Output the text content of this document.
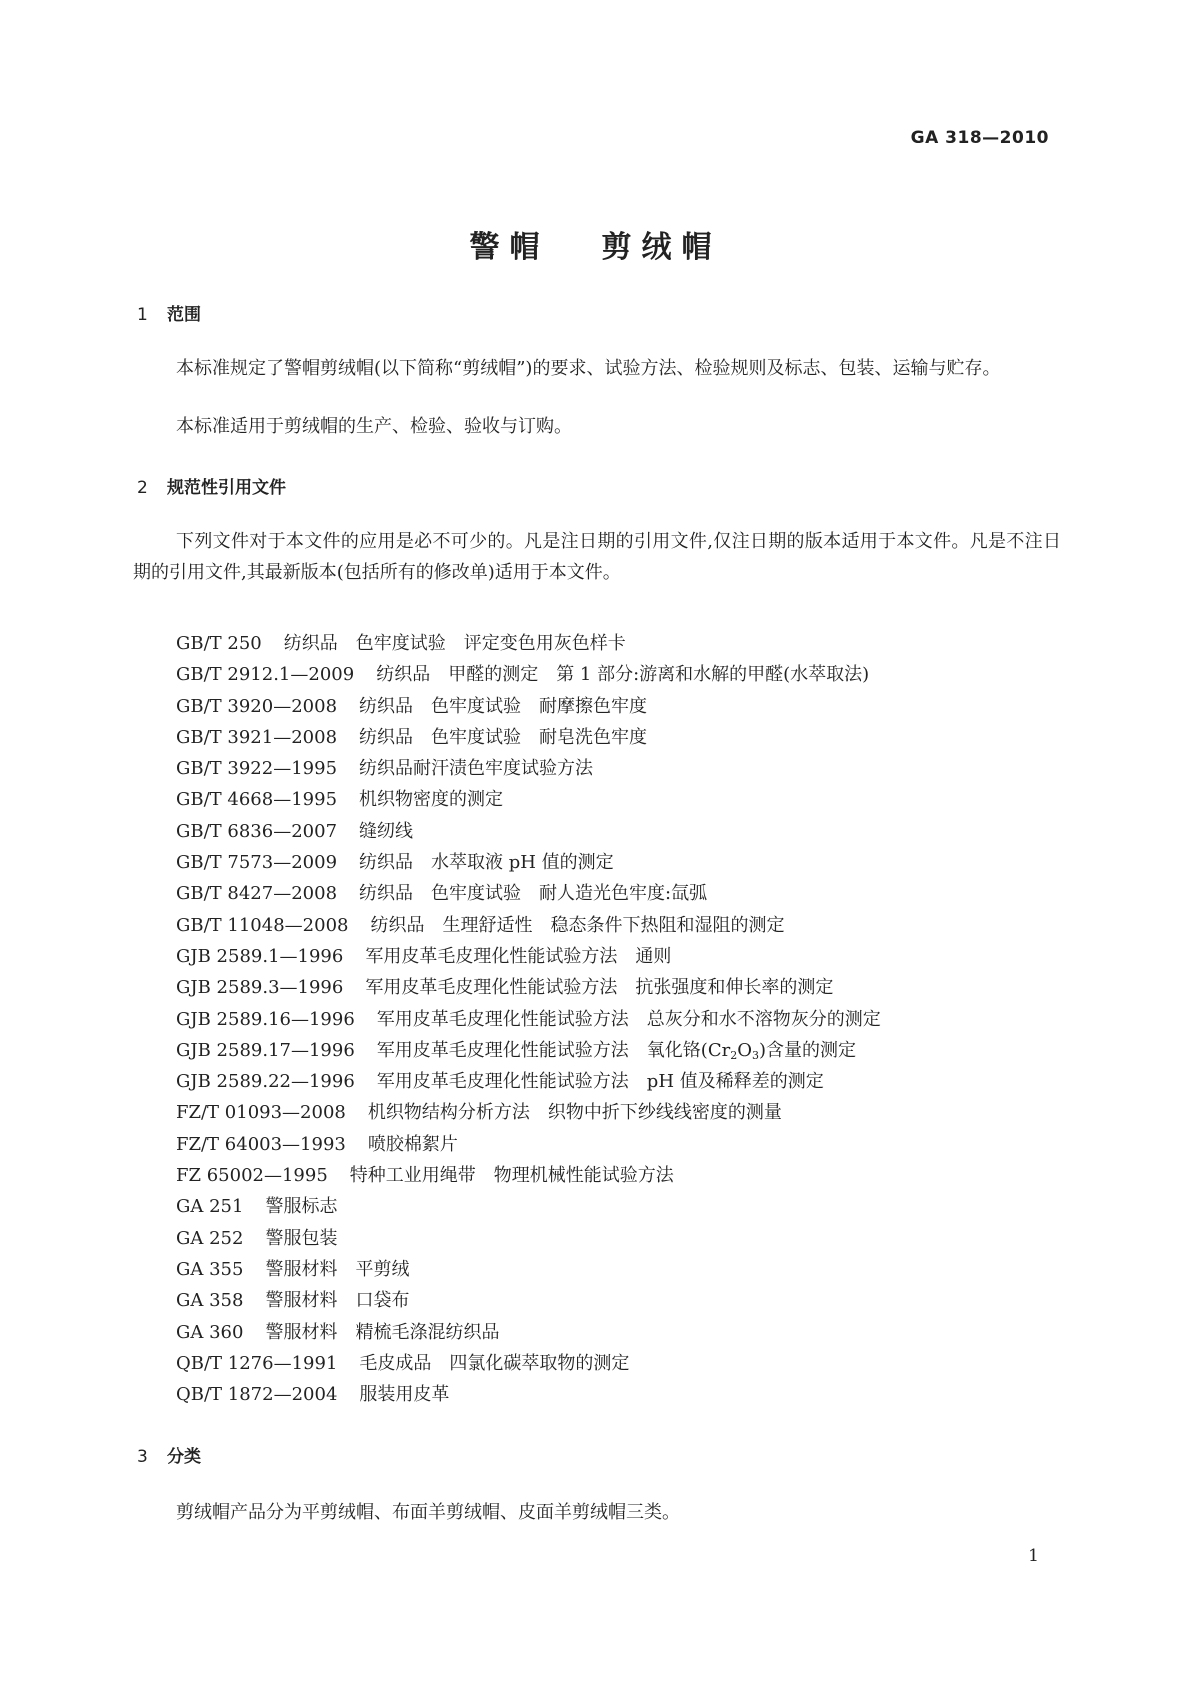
GA 318—2010
警帽 剪绒帽
1 范围
本标准规定了警帽剪绒帽(以下简称“剪绒帽”)的要求、试验方法、检验规则及标志、包装、运输与贮存。
本标准适用于剪绒帽的生产、检验、验收与订购。
2 规范性引用文件
下列文件对于本文件的应用是必不可少的。凡是注日期的引用文件,仅注日期的版本适用于本文件。凡是不注日期的引用文件,其最新版本(包括所有的修改单)适用于本文件。
GB/T 250 纺织品　色牢度试验　评定变色用灰色样卡
GB/T 2912.1—2009 纺织品　甲醛的测定　第 1 部分:游离和水解的甲醛(水萃取法)
GB/T 3920—2008 纺织品　色牢度试验　耐摩擦色牢度
GB/T 3921—2008 纺织品　色牢度试验　耐皂洗色牢度
GB/T 3922—1995 纺织品耐汗渍色牢度试验方法
GB/T 4668—1995 机织物密度的测定
GB/T 6836—2007 缝纫线
GB/T 7573—2009 纺织品　水萃取液 pH 值的测定
GB/T 8427—2008 纺织品　色牢度试验　耐人造光色牢度:氙弧
GB/T 11048—2008 纺织品　生理舒适性　稳态条件下热阻和湿阻的测定
GJB 2589.1—1996 军用皮革毛皮理化性能试验方法　通则
GJB 2589.3—1996 军用皮革毛皮理化性能试验方法　抗张强度和伸长率的测定
GJB 2589.16—1996 军用皮革毛皮理化性能试验方法　总灰分和水不溶物灰分的测定
GJB 2589.17—1996 军用皮革毛皮理化性能试验方法　氧化铬$(Cr_2O_3)$含量的测定
GJB 2589.22—1996 军用皮革毛皮理化性能试验方法　pH 值及稀释差的测定
FZ/T 01093—2008 机织物结构分析方法　织物中折下纱线线密度的测量
FZ/T 64003—1993 喷胶棉絮片
FZ 65002—1995 特种工业用绳带　物理机械性能试验方法
GA 251 警服标志
GA 252 警服包装
GA 355 警服材料　平剪绒
GA 358 警服材料　口袋布
GA 360 警服材料　精梳毛涤混纺织品
QB/T 1276—1991 毛皮成品　四氯化碳萃取物的测定
QB/T 1872—2004 服装用皮革
3 分类
剪绒帽产品分为平剪绒帽、布面羊剪绒帽、皮面羊剪绒帽三类。
1
